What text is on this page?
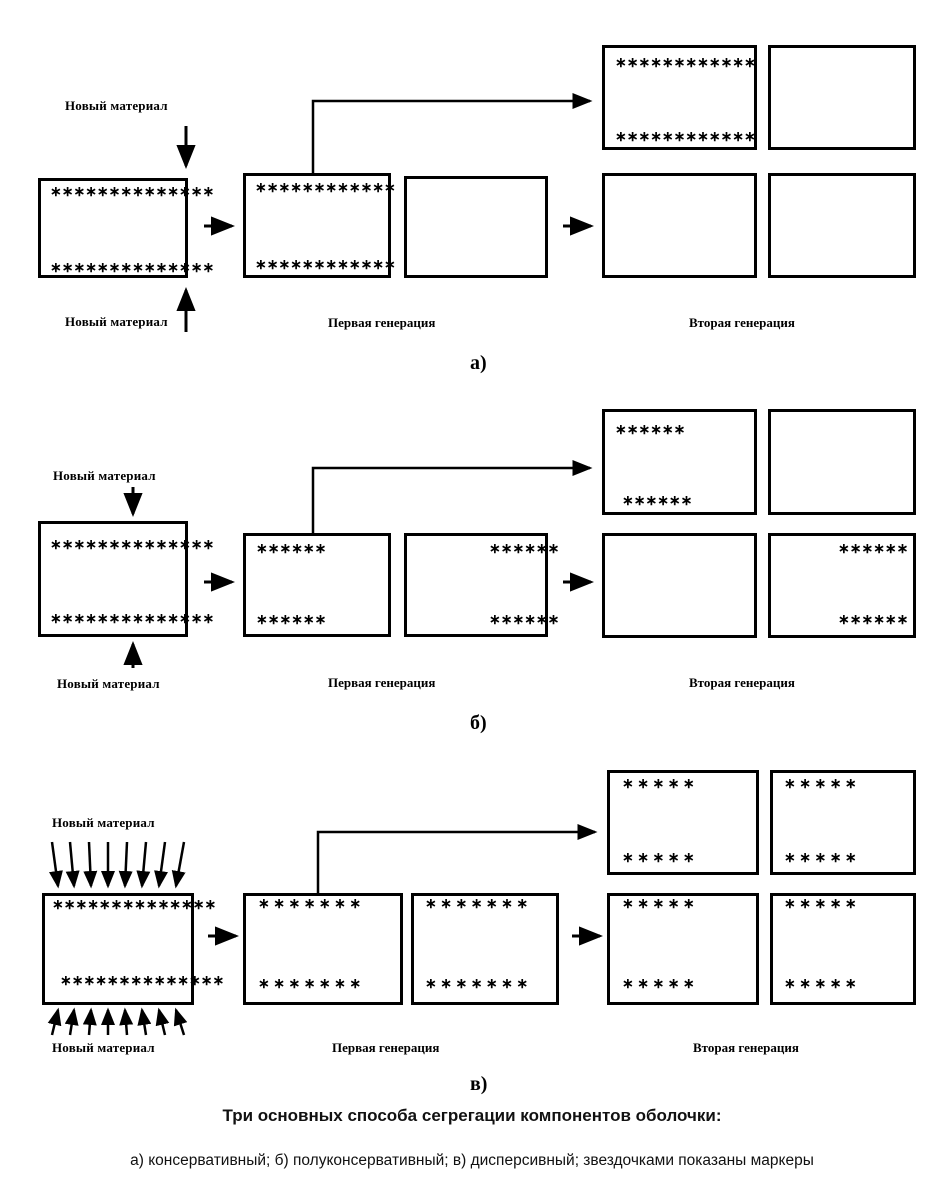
Новый материал
∗∗∗∗∗∗∗∗∗∗∗∗∗∗
∗∗∗∗∗∗∗∗∗∗∗∗∗∗
Новый материал
∗∗∗∗∗∗∗∗∗∗∗∗
∗∗∗∗∗∗∗∗∗∗∗∗
Первая генерация
∗∗∗∗∗∗∗∗∗∗∗∗
∗∗∗∗∗∗∗∗∗∗∗∗
Вторая генерация
а)
Новый материал
∗∗∗∗∗∗∗∗∗∗∗∗∗∗
∗∗∗∗∗∗∗∗∗∗∗∗∗∗
Новый материал
∗∗∗∗∗∗
∗∗∗∗∗∗
∗∗∗∗∗∗
∗∗∗∗∗∗
Первая генерация
∗∗∗∗∗∗
∗∗∗∗∗∗
∗∗∗∗∗∗
∗∗∗∗∗∗
Вторая генерация
б)
Новый материал
∗∗∗∗∗∗∗∗∗∗∗∗∗∗
∗∗∗∗∗∗∗∗∗∗∗∗∗∗
Новый материал
∗ ∗ ∗ ∗ ∗ ∗ ∗
∗ ∗ ∗ ∗ ∗ ∗ ∗
∗ ∗ ∗ ∗ ∗ ∗ ∗
∗ ∗ ∗ ∗ ∗ ∗ ∗
Первая генерация
∗ ∗ ∗ ∗ ∗
∗ ∗ ∗ ∗ ∗
∗ ∗ ∗ ∗ ∗
∗ ∗ ∗ ∗ ∗
∗ ∗ ∗ ∗ ∗
∗ ∗ ∗ ∗ ∗
∗ ∗ ∗ ∗ ∗
∗ ∗ ∗ ∗ ∗
Вторая генерация
в)
Три основных способа сегрегации компонентов оболочки:
а) консервативный; б) полуконсервативный; в) дисперсивный; звездочками показаны маркеры
